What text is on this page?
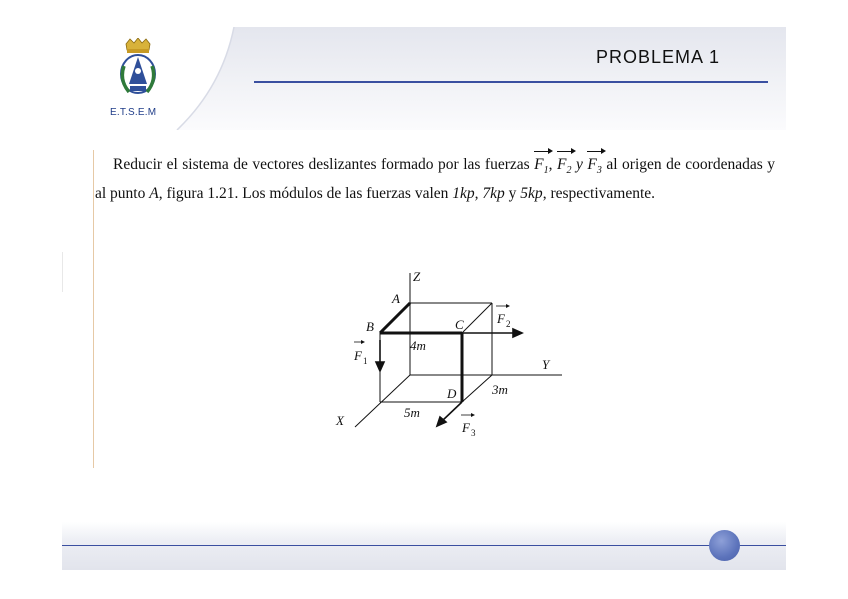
E.T.S.E.M
PROBLEMA 1
Reducir el sistema de vectores deslizantes formado por las fuerzas $F_1$, $F_2$ y $F_3$ al origen de coordenadas y al punto A, figura 1.21. Los módulos de las fuerzas valen 1kp, 7kp y 5kp, respectivamente.
Z
Y
X
A
B	C
D
4m
5m
3m
F 1
F 2
F 3
